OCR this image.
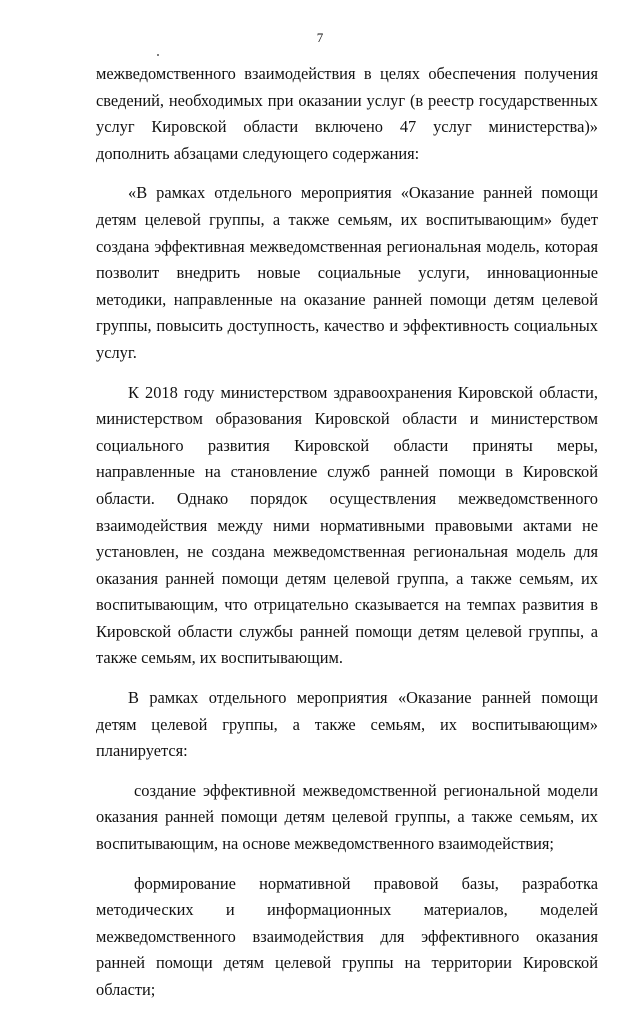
7

межведомственного взаимодействия в целях обеспечения получения сведений, необходимых при оказании услуг (в реестр государственных услуг Кировской области включено 47 услуг министерства)» дополнить абзацами следующего содержания:

«В рамках отдельного мероприятия «Оказание ранней помощи детям целевой группы, а также семьям, их воспитывающим» будет создана эффективная межведомственная региональная модель, которая позволит внедрить новые социальные услуги, инновационные методики, направленные на оказание ранней помощи детям целевой группы, повысить доступность, качество и эффективность социальных услуг.

К 2018 году министерством здравоохранения Кировской области, министерством образования Кировской области и министерством социального развития Кировской области приняты меры, направленные на становление служб ранней помощи в Кировской области. Однако порядок осуществления межведомственного взаимодействия между ними нормативными правовыми актами не установлен, не создана межведомственная региональная модель для оказания ранней помощи детям целевой группа, а также семьям, их воспитывающим, что отрицательно сказывается на темпах развития в Кировской области службы ранней помощи детям целевой группы, а также семьям, их воспитывающим.

В рамках отдельного мероприятия «Оказание ранней помощи детям целевой группы, а также семьям, их воспитывающим» планируется:

создание эффективной межведомственной региональной модели оказания ранней помощи детям целевой группы, а также семьям, их воспитывающим, на основе межведомственного взаимодействия;

формирование нормативной правовой базы, разработка методических и информационных материалов, моделей межведомственного взаимодействия для эффективного оказания ранней помощи детям целевой группы на территории Кировской области;
